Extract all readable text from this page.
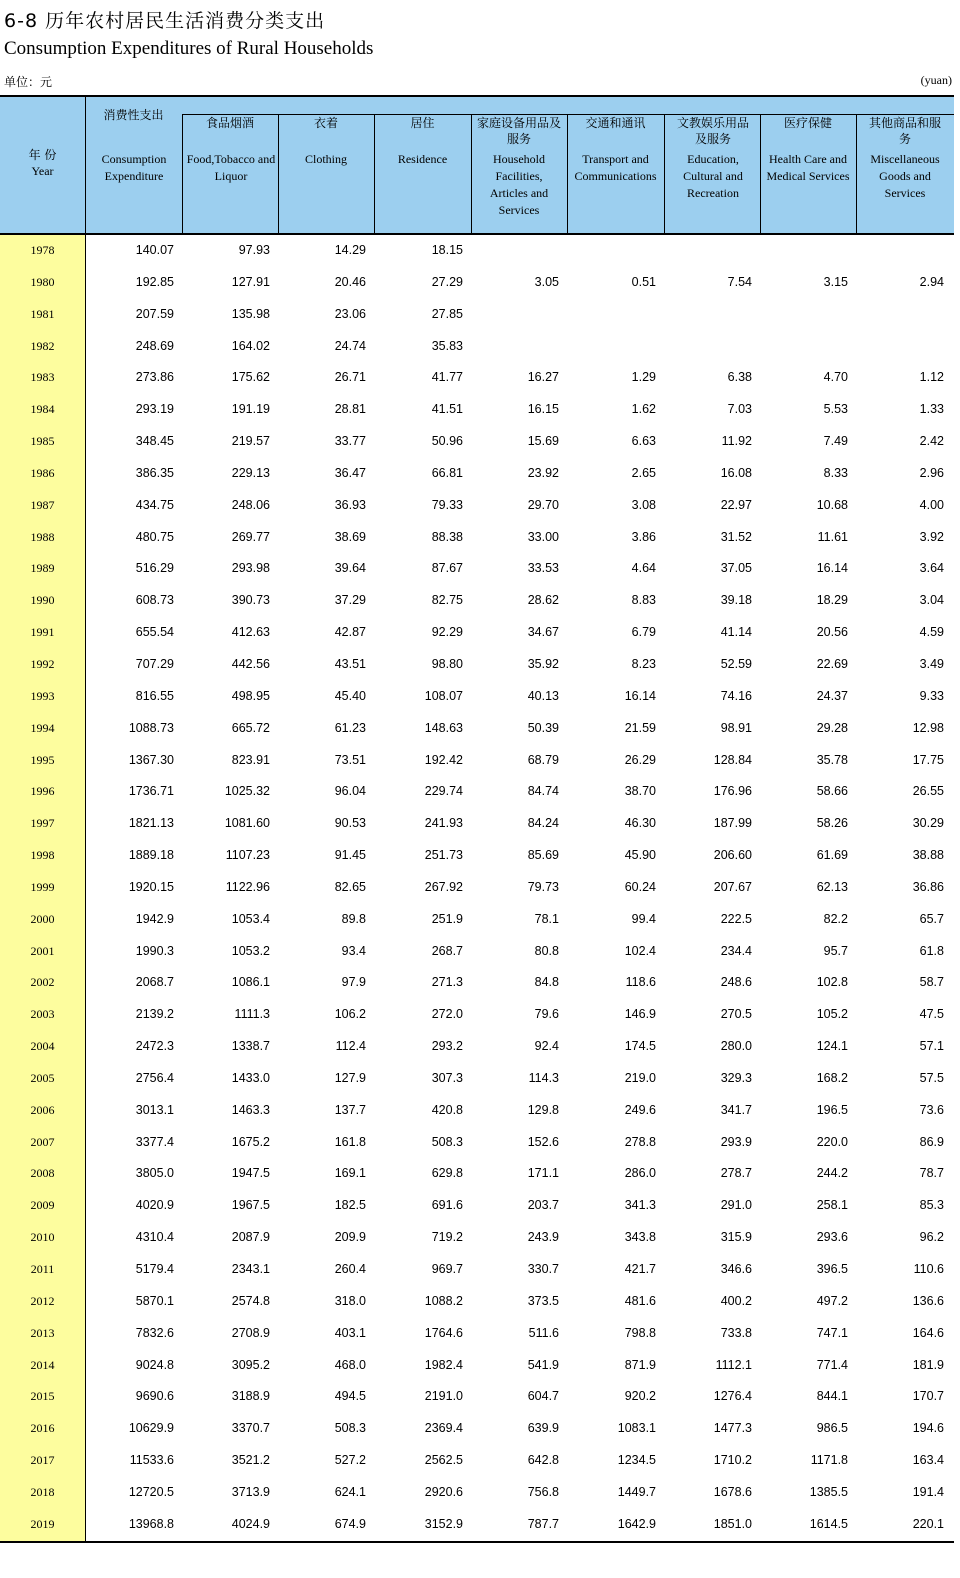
6-8 历年农村居民生活消费分类支出
Consumption Expenditures of Rural Households
单位：元	(yuan)
年 份
Year
消费性支出
Consumption Expenditure
食品烟酒
Food,Tobacco and Liquor
衣着
Clothing
居住
Residence
家庭设备用品及服务
Household Facilities, Articles and Services
交通和通讯
Transport and Communications
文教娱乐用品及服务
Education, Cultural and Recreation
医疗保健
Health Care and Medical Services
其他商品和服务
Miscellaneous Goods and Services
1978	140.07	97.93	14.29	18.15
1980	192.85	127.91	20.46	27.29	3.05	0.51	7.54	3.15	2.94
1981	207.59	135.98	23.06	27.85
1982	248.69	164.02	24.74	35.83
1983	273.86	175.62	26.71	41.77	16.27	1.29	6.38	4.70	1.12
1984	293.19	191.19	28.81	41.51	16.15	1.62	7.03	5.53	1.33
1985	348.45	219.57	33.77	50.96	15.69	6.63	11.92	7.49	2.42
1986	386.35	229.13	36.47	66.81	23.92	2.65	16.08	8.33	2.96
1987	434.75	248.06	36.93	79.33	29.70	3.08	22.97	10.68	4.00
1988	480.75	269.77	38.69	88.38	33.00	3.86	31.52	11.61	3.92
1989	516.29	293.98	39.64	87.67	33.53	4.64	37.05	16.14	3.64
1990	608.73	390.73	37.29	82.75	28.62	8.83	39.18	18.29	3.04
1991	655.54	412.63	42.87	92.29	34.67	6.79	41.14	20.56	4.59
1992	707.29	442.56	43.51	98.80	35.92	8.23	52.59	22.69	3.49
1993	816.55	498.95	45.40	108.07	40.13	16.14	74.16	24.37	9.33
1994	1088.73	665.72	61.23	148.63	50.39	21.59	98.91	29.28	12.98
1995	1367.30	823.91	73.51	192.42	68.79	26.29	128.84	35.78	17.75
1996	1736.71	1025.32	96.04	229.74	84.74	38.70	176.96	58.66	26.55
1997	1821.13	1081.60	90.53	241.93	84.24	46.30	187.99	58.26	30.29
1998	1889.18	1107.23	91.45	251.73	85.69	45.90	206.60	61.69	38.88
1999	1920.15	1122.96	82.65	267.92	79.73	60.24	207.67	62.13	36.86
2000	1942.9	1053.4	89.8	251.9	78.1	99.4	222.5	82.2	65.7
2001	1990.3	1053.2	93.4	268.7	80.8	102.4	234.4	95.7	61.8
2002	2068.7	1086.1	97.9	271.3	84.8	118.6	248.6	102.8	58.7
2003	2139.2	1111.3	106.2	272.0	79.6	146.9	270.5	105.2	47.5
2004	2472.3	1338.7	112.4	293.2	92.4	174.5	280.0	124.1	57.1
2005	2756.4	1433.0	127.9	307.3	114.3	219.0	329.3	168.2	57.5
2006	3013.1	1463.3	137.7	420.8	129.8	249.6	341.7	196.5	73.6
2007	3377.4	1675.2	161.8	508.3	152.6	278.8	293.9	220.0	86.9
2008	3805.0	1947.5	169.1	629.8	171.1	286.0	278.7	244.2	78.7
2009	4020.9	1967.5	182.5	691.6	203.7	341.3	291.0	258.1	85.3
2010	4310.4	2087.9	209.9	719.2	243.9	343.8	315.9	293.6	96.2
2011	5179.4	2343.1	260.4	969.7	330.7	421.7	346.6	396.5	110.6
2012	5870.1	2574.8	318.0	1088.2	373.5	481.6	400.2	497.2	136.6
2013	7832.6	2708.9	403.1	1764.6	511.6	798.8	733.8	747.1	164.6
2014	9024.8	3095.2	468.0	1982.4	541.9	871.9	1112.1	771.4	181.9
2015	9690.6	3188.9	494.5	2191.0	604.7	920.2	1276.4	844.1	170.7
2016	10629.9	3370.7	508.3	2369.4	639.9	1083.1	1477.3	986.5	194.6
2017	11533.6	3521.2	527.2	2562.5	642.8	1234.5	1710.2	1171.8	163.4
2018	12720.5	3713.9	624.1	2920.6	756.8	1449.7	1678.6	1385.5	191.4
2019	13968.8	4024.9	674.9	3152.9	787.7	1642.9	1851.0	1614.5	220.1
